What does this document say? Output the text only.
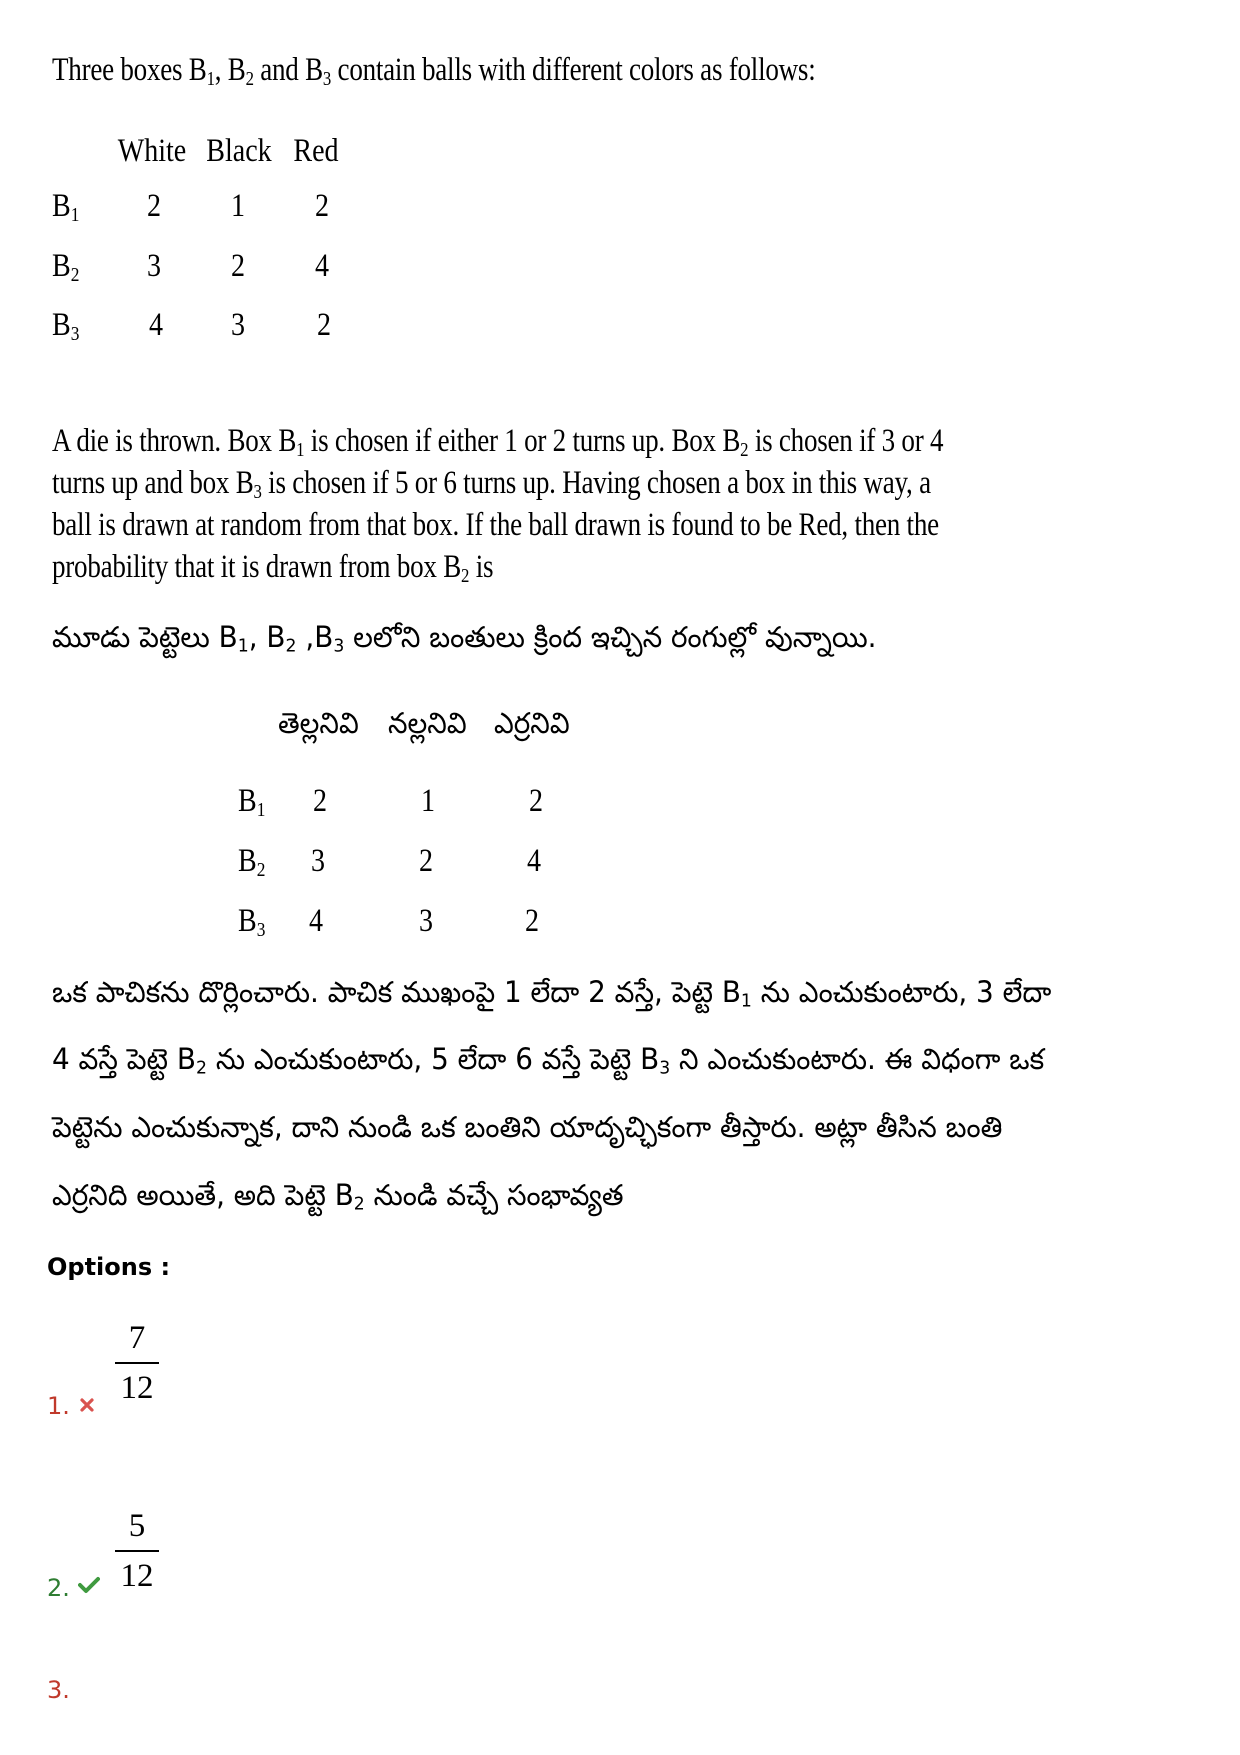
Three boxes $B_1$, $B_2$ and $B_3$ contain balls with different colors as follows:
White Black Red
$B_1$	2	1	2
$B_2$	3	2	4
$B_3$	4	3	2
A die is thrown. Box $B_1$ is chosen if either 1 or 2 turns up. Box $B_2$ is chosen if 3 or 4
turns up and box $B_3$ is chosen if 5 or 6 turns up. Having chosen a box in this way, a
ball is drawn at random from that box. If the ball drawn is found to be Red, then the
probability that it is drawn from box $B_2$ is
మూడు పెట్టెలు $B_1$, $B_2$ $,B_3$ లలోని బంతులు క్రింద ఇచ్చిన రంగుల్లో వున్నాయి.
తెల్లనివి నల్లనివి ఎర్రనివి
$B_1$	2	1	2
$B_2$	3	2	4
$B_3$	4	3	2
ఒక పాచికను దొర్లించారు. పాచిక ముఖంపై 1 లేదా 2 వస్తే, పెట్టె $B_1$ ను ఎంచుకుంటారు, 3 లేదా
4 వస్తే పెట్టె $B_2$ ను ఎంచుకుంటారు, 5 లేదా 6 వస్తే పెట్టె $B_3$ ని ఎంచుకుంటారు. ఈ విధంగా ఒక
పెట్టెను ఎంచుకున్నాక, దాని నుండి ఒక బంతిని యాదృచ్ఛికంగా తీస్తారు. అట్లా తీసిన బంతి
ఎర్రనిది అయితే, అది పెట్టె $B_2$ నుండి వచ్చే సంభావ్యత
Options :
1.
7
12
2.
5
12
3.
